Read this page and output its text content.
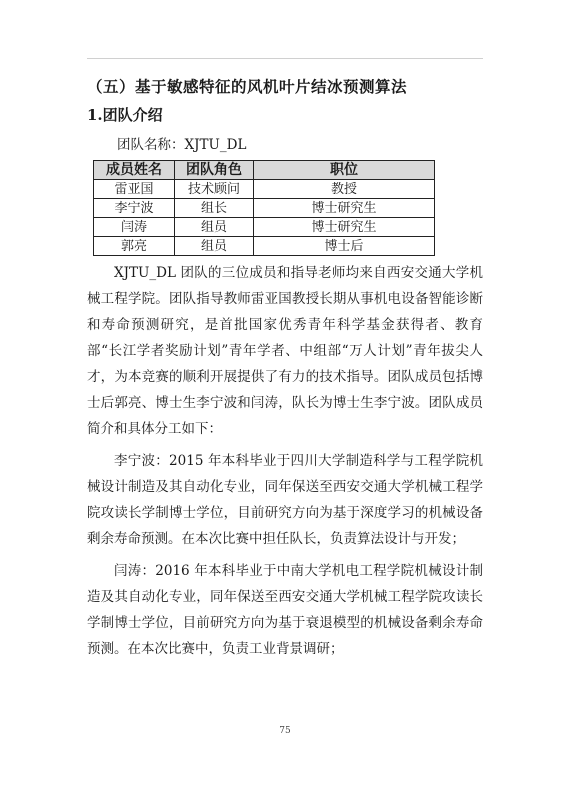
（五）基于敏感特征的风机叶片结冰预测算法
1.团队介绍
团队名称：XJTU_DL
成员姓名	团队角色	职位
雷亚国	技术顾问	教授
李宁波	组长	博士研究生
闫涛	组员	博士研究生
郭亮	组员	博士后

XJTU_DL 团队的三位成员和指导老师均来自西安交通大学机械工程学院。团队指导教师雷亚国教授长期从事机电设备智能诊断和寿命预测研究，是首批国家优秀青年科学基金获得者、教育部“长江学者奖励计划”青年学者、中组部“万人计划”青年拔尖人才，为本竞赛的顺利开展提供了有力的技术指导。团队成员包括博士后郭亮、博士生李宁波和闫涛，队长为博士生李宁波。团队成员简介和具体分工如下：

李宁波：2015 年本科毕业于四川大学制造科学与工程学院机械设计制造及其自动化专业，同年保送至西安交通大学机械工程学院攻读长学制博士学位，目前研究方向为基于深度学习的机械设备剩余寿命预测。在本次比赛中担任队长，负责算法设计与开发；

闫涛：2016 年本科毕业于中南大学机电工程学院机械设计制造及其自动化专业，同年保送至西安交通大学机械工程学院攻读长学制博士学位，目前研究方向为基于衰退模型的机械设备剩余寿命预测。在本次比赛中，负责工业背景调研；

75
